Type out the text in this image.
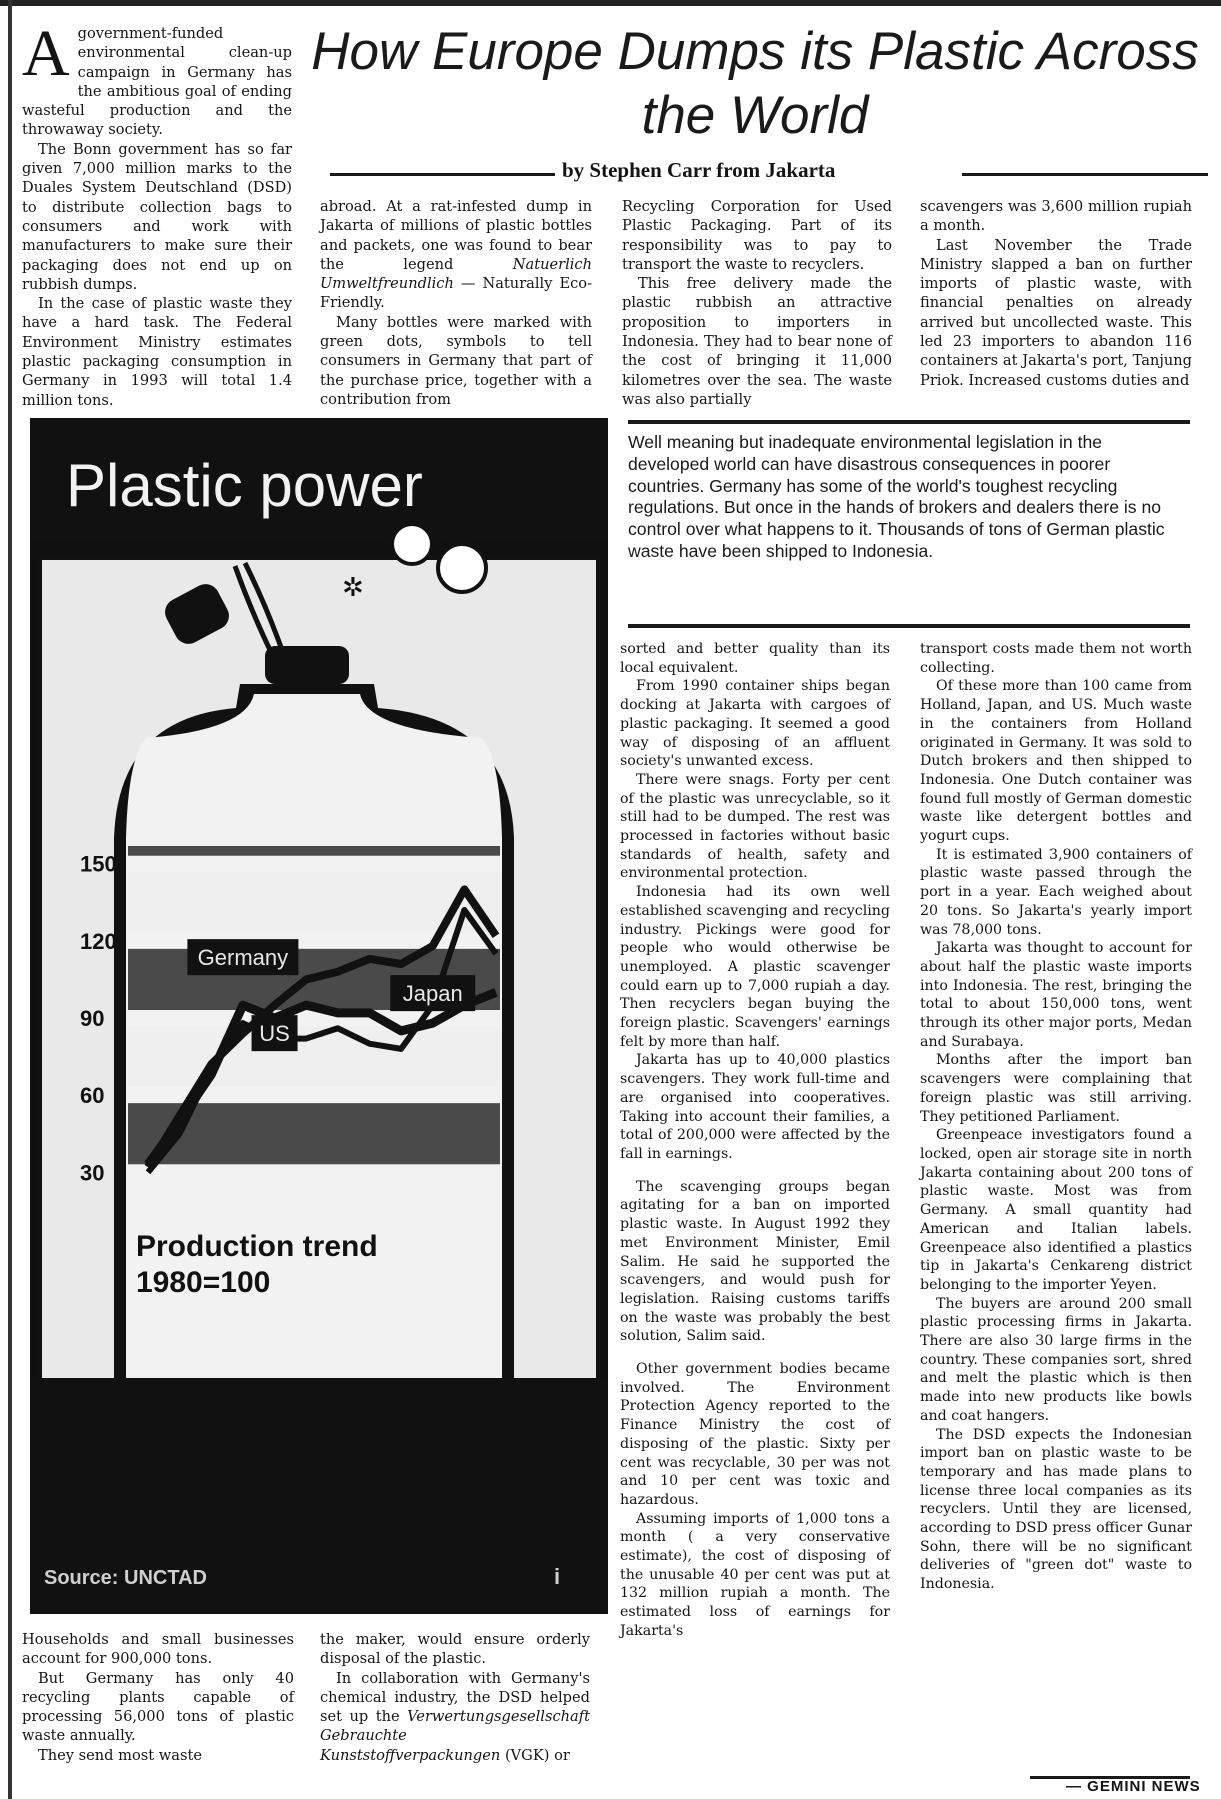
How Europe Dumps its Plastic Across the World
by Stephen Carr from Jakarta

Agovernment-funded environmental clean-up campaign in Germany has the ambitious goal of ending wasteful production and the throwaway society.

The Bonn government has so far given 7,000 million marks to the Duales System Deutschland (DSD) to distribute collection bags to consumers and work with manufacturers to make sure their packaging does not end up on rubbish dumps.

In the case of plastic waste they have a hard task. The Federal Environment Ministry estimates plastic packaging consumption in Germany in 1993 will total 1.4 million tons.

abroad. At a rat-infested dump in Jakarta of millions of plastic bottles and packets, one was found to bear the legend Natuerlich Umweltfreundlich — Naturally Eco-Friendly.

Many bottles were marked with green dots, symbols to tell consumers in Germany that part of the purchase price, together with a contribution from

Recycling Corporation for Used Plastic Packaging. Part of its responsibility was to pay to transport the waste to recyclers.

This free delivery made the plastic rubbish an attractive proposition to importers in Indonesia. They had to bear none of the cost of bringing it 11,000 kilometres over the sea. The waste was also partially

scavengers was 3,600 million rupiah a month.

Last November the Trade Ministry slapped a ban on further imports of plastic waste, with financial penalties on already arrived but uncollected waste. This led 23 importers to abandon 116 containers at Jakarta's port, Tanjung Priok. Increased customs duties and

Well meaning but inadequate environmental legislation in the developed world can have disastrous consequences in poorer countries. Germany has some of the world's toughest recycling regulations. But once in the hands of brokers and dealers there is no control over what happens to it. Thousands of tons of German plastic waste have been shipped to Indonesia.
Plastic power
✲
30
60
90
120
150
US
Japan
Germany
Production trend
1980=100
Source: UNCTAD	i

Households and small businesses account for 900,000 tons.

But Germany has only 40 recycling plants capable of processing 56,000 tons of plastic waste annually.

They send most waste

the maker, would ensure orderly disposal of the plastic.

In collaboration with Germany's chemical industry, the DSD helped set up the Verwertungsgesellschaft Gebrauchte Kunststoffverpackungen (VGK) or

sorted and better quality than its local equivalent.

From 1990 container ships began docking at Jakarta with cargoes of plastic packaging. It seemed a good way of disposing of an affluent society's unwanted excess.

There were snags. Forty per cent of the plastic was unrecyclable, so it still had to be dumped. The rest was processed in factories without basic standards of health, safety and environmental protection.

Indonesia had its own well established scavenging and recycling industry. Pickings were good for people who would otherwise be unemployed. A plastic scavenger could earn up to 7,000 rupiah a day. Then recyclers began buying the foreign plastic. Scavengers' earnings felt by more than half.

Jakarta has up to 40,000 plastics scavengers. They work full-time and are organised into cooperatives. Taking into account their families, a total of 200,000 were affected by the fall in earnings.

The scavenging groups began agitating for a ban on imported plastic waste. In August 1992 they met Environment Minister, Emil Salim. He said he supported the scavengers, and would push for legislation. Raising customs tariffs on the waste was probably the best solution, Salim said.

Other government bodies became involved. The Environment Protection Agency reported to the Finance Ministry the cost of disposing of the plastic. Sixty per cent was recyclable, 30 per was not and 10 per cent was toxic and hazardous.

Assuming imports of 1,000 tons a month ( a very conservative estimate), the cost of disposing of the unusable 40 per cent was put at 132 million rupiah a month. The estimated loss of earnings for Jakarta's

transport costs made them not worth collecting.

Of these more than 100 came from Holland, Japan, and US. Much waste in the containers from Holland originated in Germany. It was sold to Dutch brokers and then shipped to Indonesia. One Dutch container was found full mostly of German domestic waste like detergent bottles and yogurt cups.

It is estimated 3,900 containers of plastic waste passed through the port in a year. Each weighed about 20 tons. So Jakarta's yearly import was 78,000 tons.

Jakarta was thought to account for about half the plastic waste imports into Indonesia. The rest, bringing the total to about 150,000 tons, went through its other major ports, Medan and Surabaya.

Months after the import ban scavengers were complaining that foreign plastic was still arriving. They petitioned Parliament.

Greenpeace investigators found a locked, open air storage site in north Jakarta containing about 200 tons of plastic waste. Most was from Germany. A small quantity had American and Italian labels. Greenpeace also identified a plastics tip in Jakarta's Cenkareng district belonging to the importer Yeyen.

The buyers are around 200 small plastic processing firms in Jakarta. There are also 30 large firms in the country. These companies sort, shred and melt the plastic which is then made into new products like bowls and coat hangers.

The DSD expects the Indonesian import ban on plastic waste to be temporary and has made plans to license three local companies as its recyclers. Until they are licensed, according to DSD press officer Gunar Sohn, there will be no significant deliveries of "green dot" waste to Indonesia.

— GEMINI NEWS
